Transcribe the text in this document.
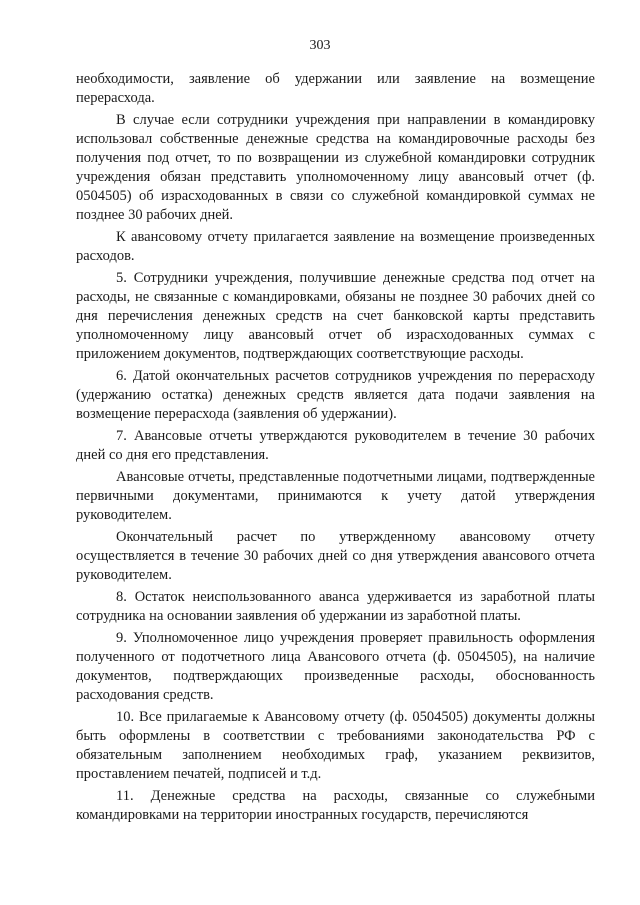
303

необходимости, заявление об удержании или заявление на возмещение перерасхода.

В случае если сотрудники учреждения при направлении в командировку использовал собственные денежные средства на командировочные расходы без получения под отчет, то по возвращении из служебной командировки сотрудник учреждения обязан представить уполномоченному лицу авансовый отчет (ф. 0504505) об израсходованных в связи со служебной командировкой суммах не позднее 30 рабочих дней.

К авансовому отчету прилагается заявление на возмещение произведенных расходов.

5. Сотрудники учреждения, получившие денежные средства под отчет на расходы, не связанные с командировками, обязаны не позднее 30 рабочих дней со дня перечисления денежных средств на счет банковской карты представить уполномоченному лицу авансовый отчет об израсходованных суммах с приложением документов, подтверждающих соответствующие расходы.

6. Датой окончательных расчетов сотрудников учреждения по перерасходу (удержанию остатка) денежных средств является дата подачи заявления на возмещение перерасхода (заявления об удержании).

7. Авансовые отчеты утверждаются руководителем в течение 30 рабочих дней со дня его представления.

Авансовые отчеты, представленные подотчетными лицами, подтвержденные первичными документами, принимаются к учету датой утверждения руководителем.

Окончательный расчет по утвержденному авансовому отчету осуществляется в течение 30 рабочих дней со дня утверждения авансового отчета руководителем.

8. Остаток неиспользованного аванса удерживается из заработной платы сотрудника на основании заявления об удержании из заработной платы.

9. Уполномоченное лицо учреждения проверяет правильность оформления полученного от подотчетного лица Авансового отчета (ф. 0504505), на наличие документов, подтверждающих произведенные расходы, обоснованность расходования средств.

10. Все прилагаемые к Авансовому отчету (ф. 0504505) документы должны быть оформлены в соответствии с требованиями законодательства РФ с обязательным заполнением необходимых граф, указанием реквизитов, проставлением печатей, подписей и т.д.

11. Денежные средства на расходы, связанные со служебными командировками на территории иностранных государств, перечисляются
